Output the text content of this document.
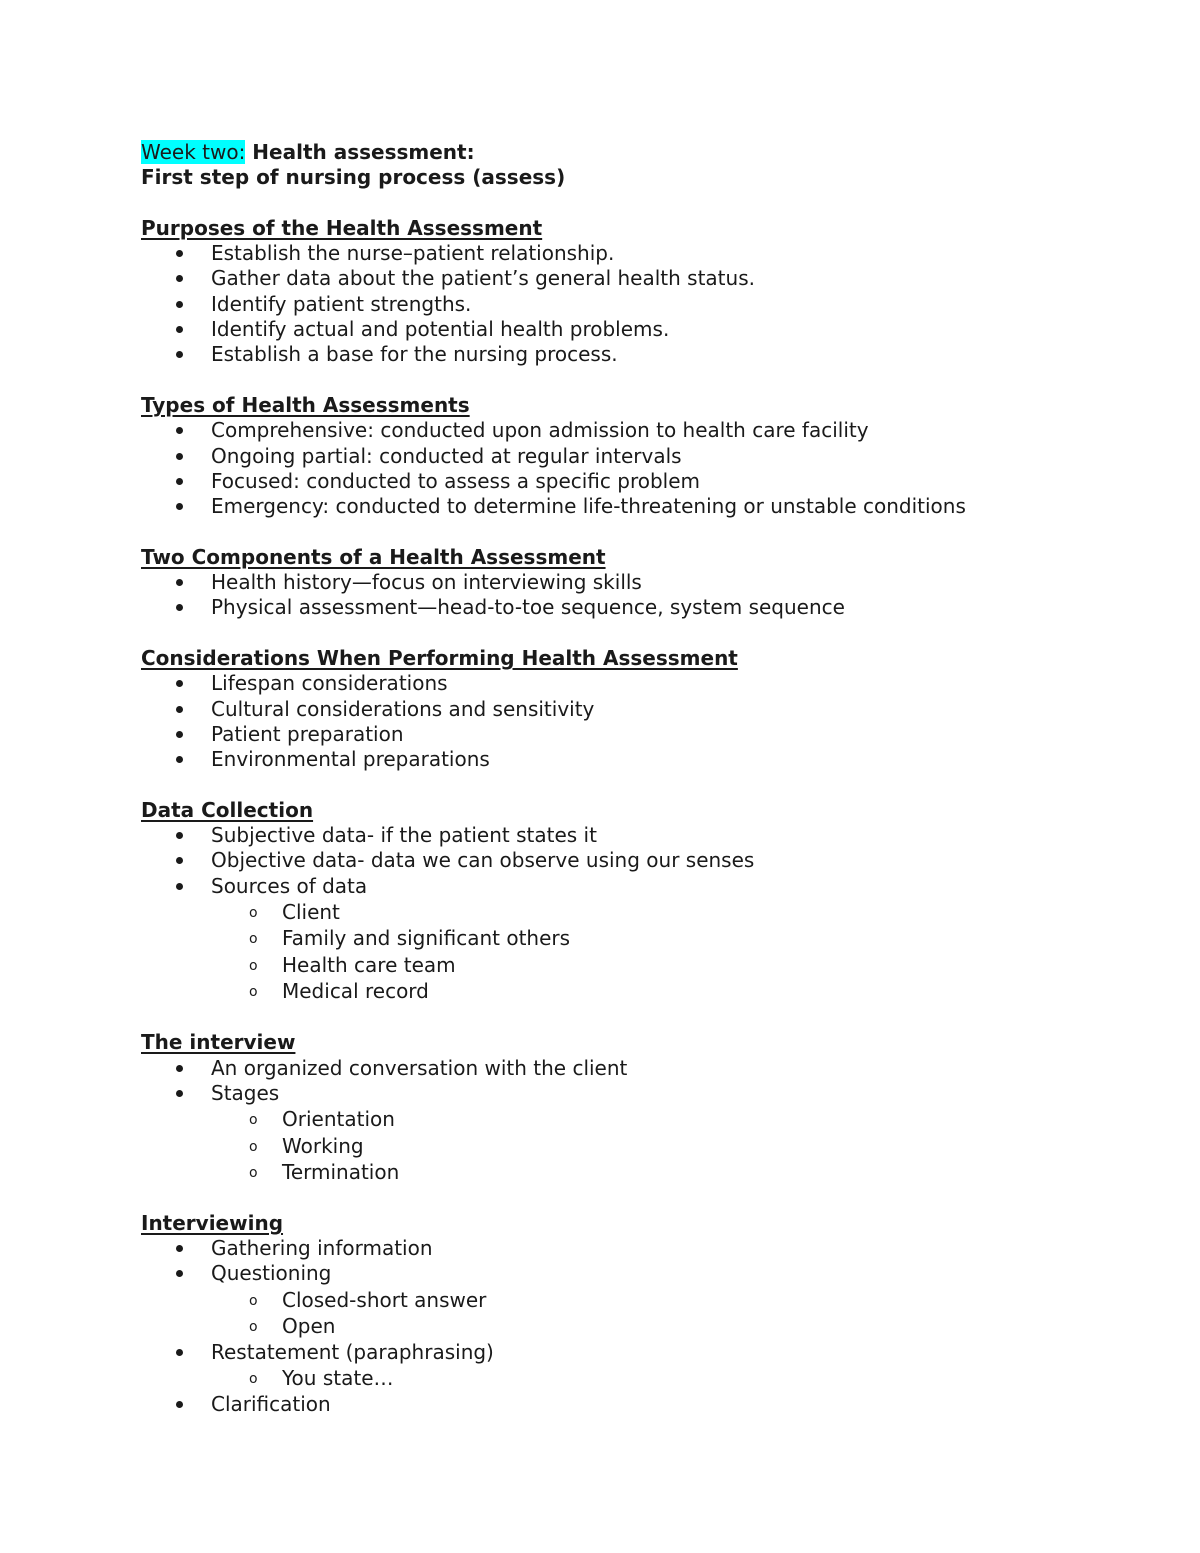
Week two: Health assessment:
First step of nursing process (assess)
Purposes of the Health Assessment
Establish the nurse–patient relationship.
Gather data about the patient’s general health status.
Identify patient strengths.
Identify actual and potential health problems.
Establish a base for the nursing process.
Types of Health Assessments
Comprehensive: conducted upon admission to health care facility
Ongoing partial: conducted at regular intervals
Focused: conducted to assess a specific problem
Emergency: conducted to determine life-threatening or unstable conditions
Two Components of a Health Assessment
Health history—focus on interviewing skills
Physical assessment—head-to-toe sequence, system sequence
Considerations When Performing Health Assessment
Lifespan considerations
Cultural considerations and sensitivity
Patient preparation
Environmental preparations
Data Collection
Subjective data- if the patient states it
Objective data- data we can observe using our senses
Sources of data
o Client
o Family and significant others
o Health care team
o Medical record
The interview
An organized conversation with the client
Stages
o Orientation
o Working
o Termination
Interviewing
Gathering information
Questioning
o Closed-short answer
o Open
Restatement (paraphrasing)
o You state…
Clarification
